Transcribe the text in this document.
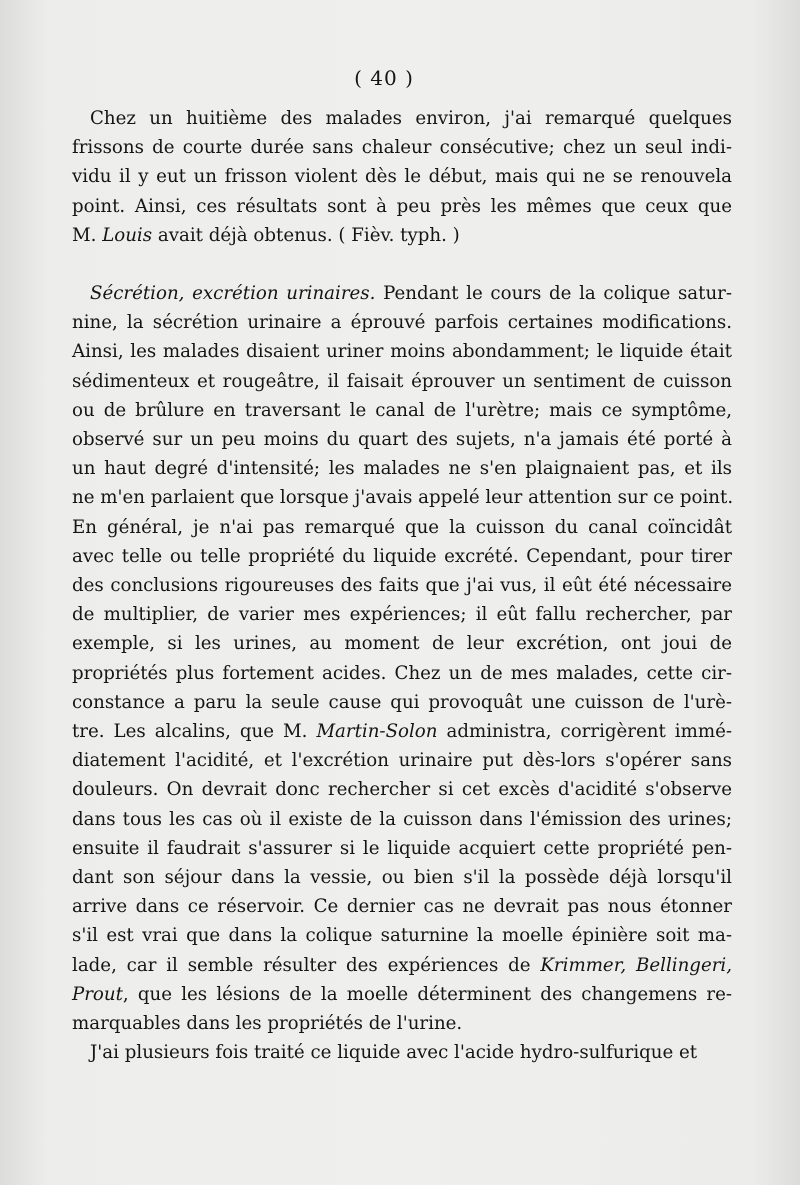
( 40 )

Chez un huitième des malades environ, j'ai remarqué quelques
frissons de courte durée sans chaleur consécutive; chez un seul indi-
vidu il y eut un frisson violent dès le début, mais qui ne se renouvela
point. Ainsi, ces résultats sont à peu près les mêmes que ceux que
M. Louis avait déjà obtenus. ( Fièv. typh. )

Sécrétion, excrétion urinaires. Pendant le cours de la colique satur-
nine, la sécrétion urinaire a éprouvé parfois certaines modifications.
Ainsi, les malades disaient uriner moins abondamment; le liquide était
sédimenteux et rougeâtre, il faisait éprouver un sentiment de cuisson
ou de brûlure en traversant le canal de l'urètre; mais ce symptôme,
observé sur un peu moins du quart des sujets, n'a jamais été porté à
un haut degré d'intensité; les malades ne s'en plaignaient pas, et ils
ne m'en parlaient que lorsque j'avais appelé leur attention sur ce point.
En général, je n'ai pas remarqué que la cuisson du canal coïncidât
avec telle ou telle propriété du liquide excrété. Cependant, pour tirer
des conclusions rigoureuses des faits que j'ai vus, il eût été nécessaire
de multiplier, de varier mes expériences; il eût fallu rechercher, par
exemple, si les urines, au moment de leur excrétion, ont joui de
propriétés plus fortement acides. Chez un de mes malades, cette cir-
constance a paru la seule cause qui provoquât une cuisson de l'urè-
tre. Les alcalins, que M. Martin-Solon administra, corrigèrent immé-
diatement l'acidité, et l'excrétion urinaire put dès-lors s'opérer sans
douleurs. On devrait donc rechercher si cet excès d'acidité s'observe
dans tous les cas où il existe de la cuisson dans l'émission des urines;
ensuite il faudrait s'assurer si le liquide acquiert cette propriété pen-
dant son séjour dans la vessie, ou bien s'il la possède déjà lorsqu'il
arrive dans ce réservoir. Ce dernier cas ne devrait pas nous étonner
s'il est vrai que dans la colique saturnine la moelle épinière soit ma-
lade, car il semble résulter des expériences de Krimmer, Bellingeri,
Prout, que les lésions de la moelle déterminent des changemens re-
marquables dans les propriétés de l'urine.

J'ai plusieurs fois traité ce liquide avec l'acide hydro-sulfurique et
